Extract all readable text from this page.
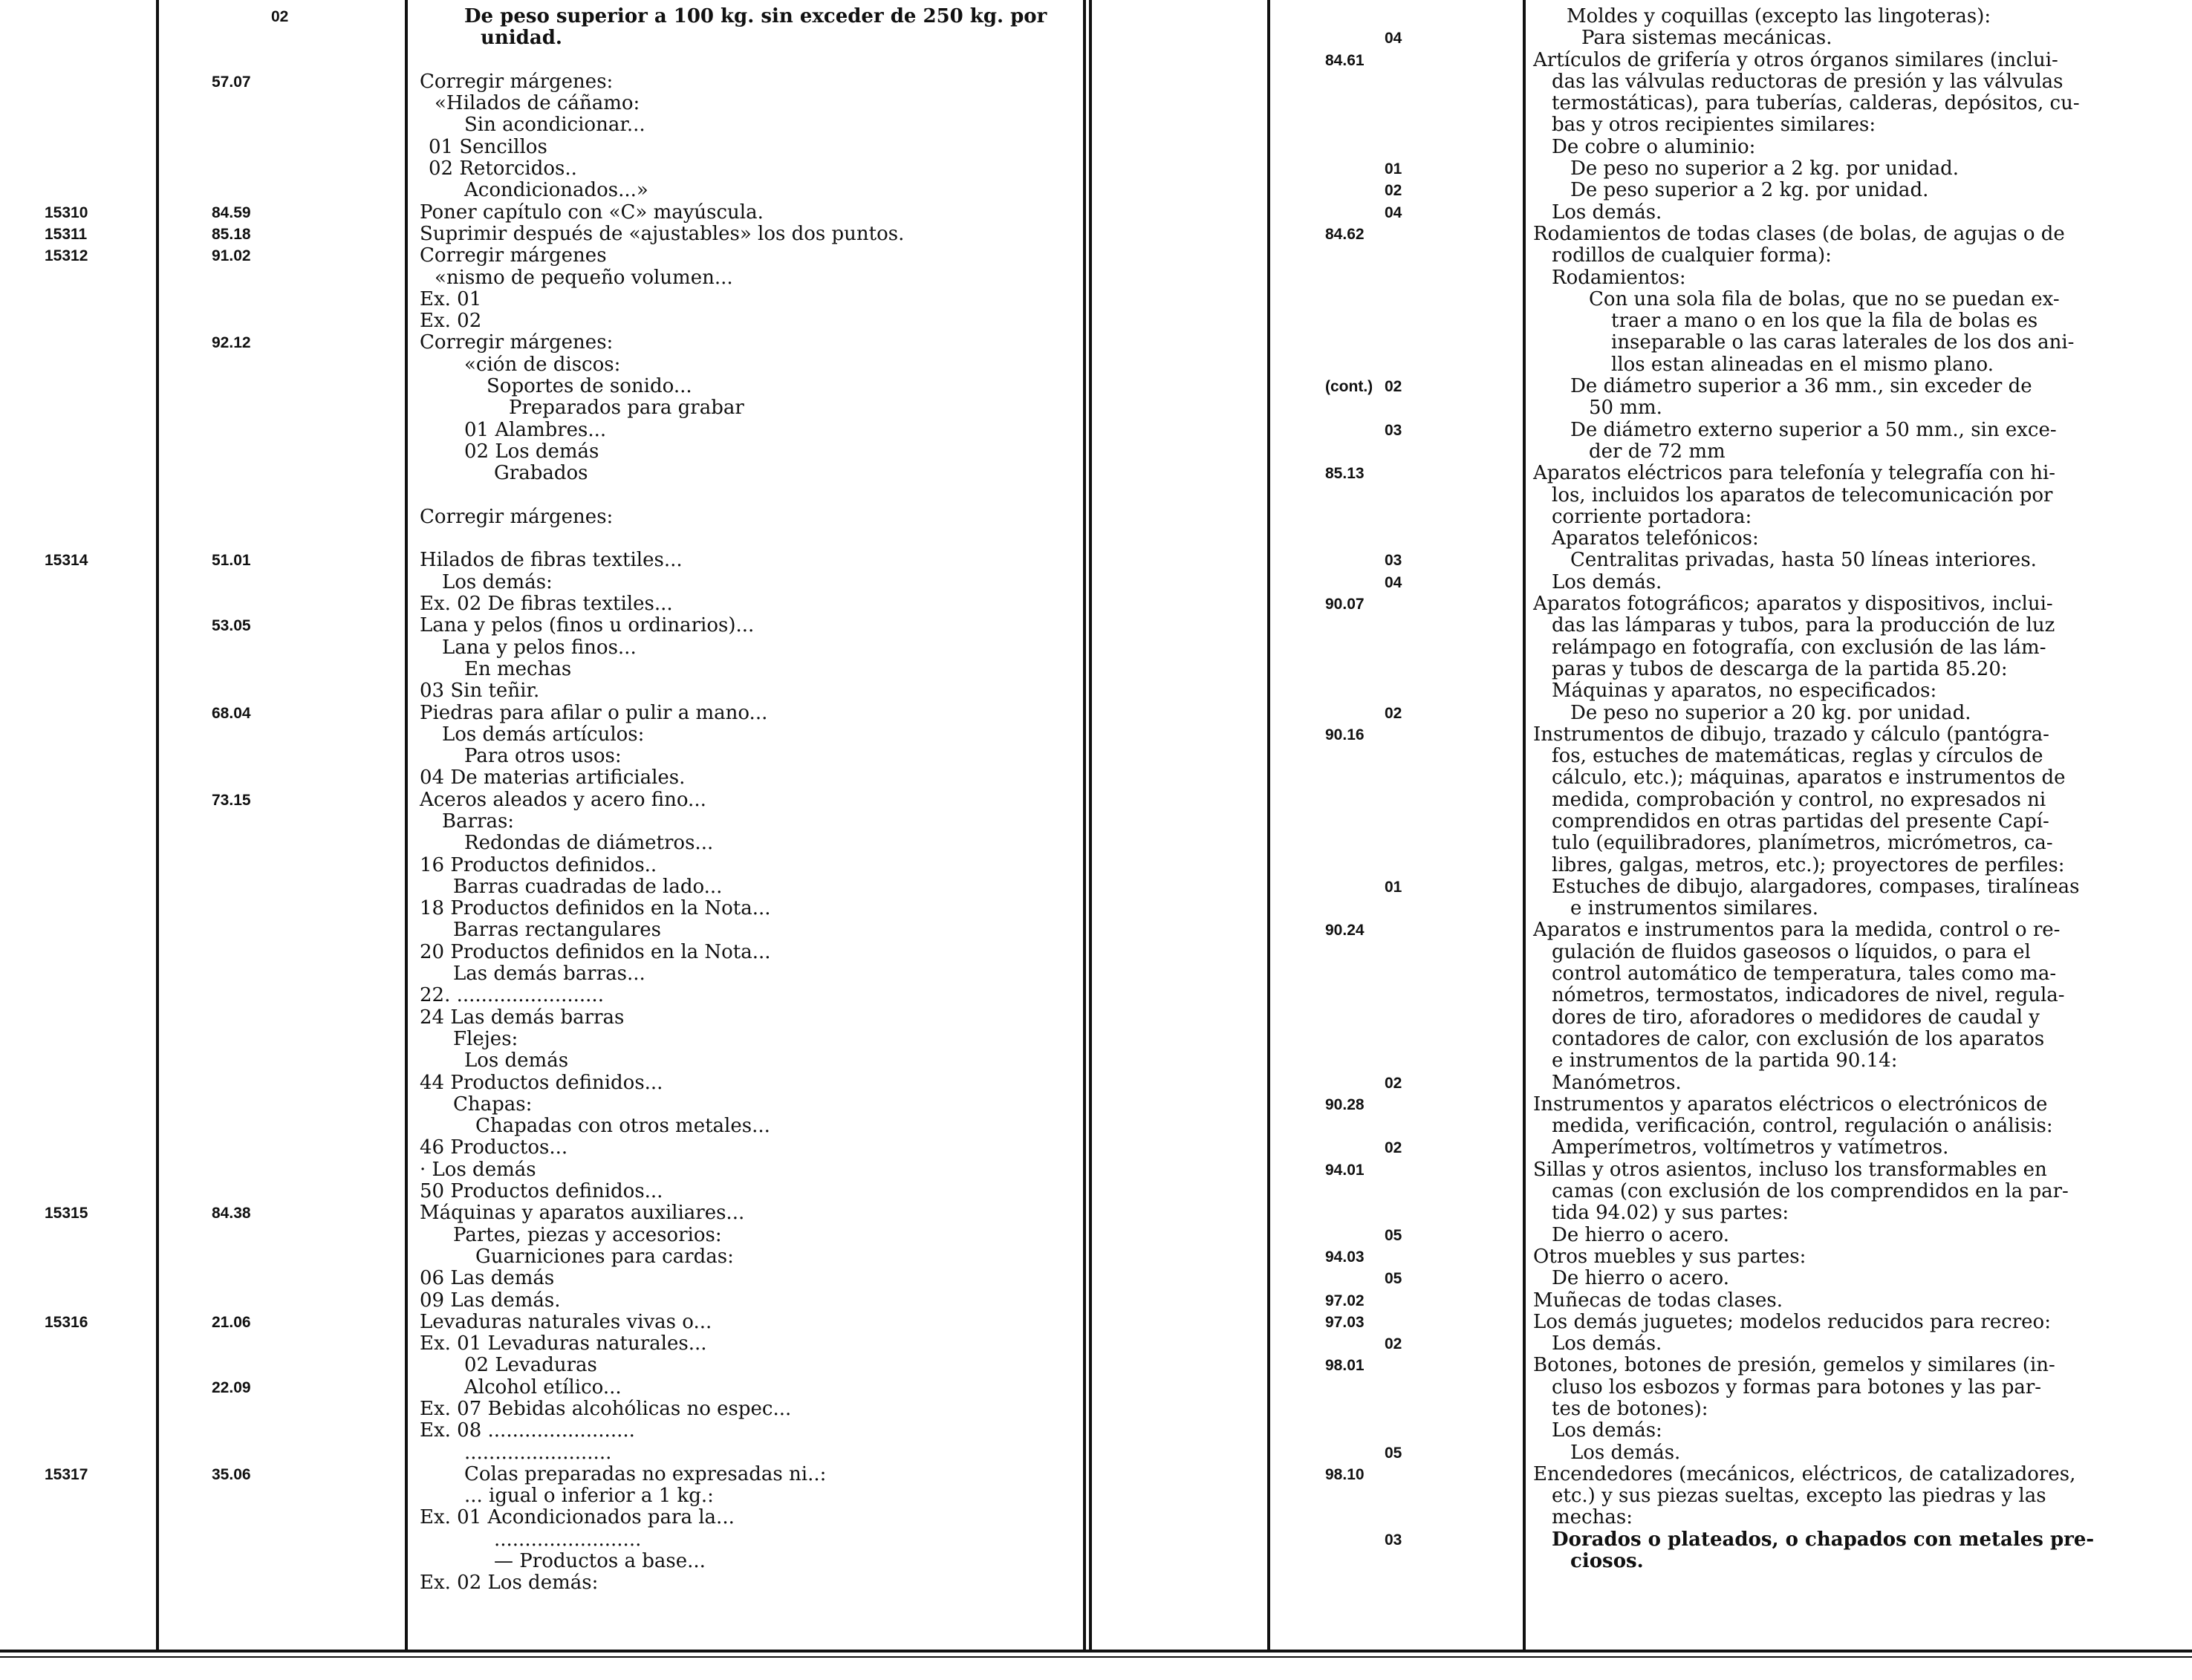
02	De peso superior a 100 kg. sin exceder de 250 kg. por
unidad.
57.07	Corregir márgenes:
«Hilados de cáñamo:
Sin acondicionar...
01 Sencillos
02 Retorcidos..
Acondicionados...»
15310	84.59	Poner capítulo con «C» mayúscula.
15311	85.18	Suprimir después de «ajustables» los dos puntos.
15312	91.02	Corregir márgenes
«nismo de pequeño volumen...
Ex. 01
Ex. 02
92.12	Corregir márgenes:
«ción de discos:
Soportes de sonido...
Preparados para grabar
01 Alambres...
02 Los demás
Grabados
Corregir márgenes:
15314	51.01	Hilados de fibras textiles...
Los demás:
Ex. 02 De fibras textiles...
53.05	Lana y pelos (finos u ordinarios)...
Lana y pelos finos...
En mechas
03 Sin teñir.
68.04	Piedras para afilar o pulir a mano...
Los demás artículos:
Para otros usos:
04 De materias artificiales.
73.15	Aceros aleados y acero fino...
Barras:
Redondas de diámetros...
16 Productos definidos..
Barras cuadradas de lado...
18 Productos definidos en la Nota...
Barras rectangulares
20 Productos definidos en la Nota...
Las demás barras...
22. ........................
24 Las demás barras
Flejes:
Los demás
44 Productos definidos...
Chapas:
Chapadas con otros metales...
46 Productos...
· Los demás
50 Productos definidos...
15315	84.38	Máquinas y aparatos auxiliares...
Partes, piezas y accesorios:
Guarniciones para cardas:
06 Las demás
09 Las demás.
15316	21.06	Levaduras naturales vivas o...
Ex. 01 Levaduras naturales...
02 Levaduras
22.09	Alcohol etílico...
Ex. 07 Bebidas alcohólicas no espec...
Ex. 08 ........................
........................
15317	35.06	Colas preparadas no expresadas ni..:
... igual o inferior a 1 kg.:
Ex. 01 Acondicionados para la...
........................
— Productos a base...
Ex. 02 Los demás:
Moldes y coquillas (excepto las lingoteras):
04	Para sistemas mecánicas.
84.61	Artículos de grifería y otros órganos similares (inclui-
das las válvulas reductoras de presión y las válvulas
termostáticas), para tuberías, calderas, depósitos, cu-
bas y otros recipientes similares:
De cobre o aluminio:
01	De peso no superior a 2 kg. por unidad.
02	De peso superior a 2 kg. por unidad.
04	Los demás.
84.62	Rodamientos de todas clases (de bolas, de agujas o de
rodillos de cualquier forma):
Rodamientos:
Con una sola fila de bolas, que no se puedan ex-
traer a mano o en los que la fila de bolas es
inseparable o las caras laterales de los dos ani-
llos estan alineadas en el mismo plano.
(cont.) 02	De diámetro superior a 36 mm., sin exceder de
50 mm.
03	De diámetro externo superior a 50 mm., sin exce-
der de 72 mm
85.13	Aparatos eléctricos para telefonía y telegrafía con hi-
los, incluidos los aparatos de telecomunicación por
corriente portadora:
Aparatos telefónicos:
03	Centralitas privadas, hasta 50 líneas interiores.
04	Los demás.
90.07	Aparatos fotográficos; aparatos y dispositivos, inclui-
das las lámparas y tubos, para la producción de luz
relámpago en fotografía, con exclusión de las lám-
paras y tubos de descarga de la partida 85.20:
Máquinas y aparatos, no especificados:
02	De peso no superior a 20 kg. por unidad.
90.16	Instrumentos de dibujo, trazado y cálculo (pantógra-
fos, estuches de matemáticas, reglas y círculos de
cálculo, etc.); máquinas, aparatos e instrumentos de
medida, comprobación y control, no expresados ni
comprendidos en otras partidas del presente Capí-
tulo (equilibradores, planímetros, micrómetros, ca-
libres, galgas, metros, etc.); proyectores de perfiles:
01	Estuches de dibujo, alargadores, compases, tiralíneas
e instrumentos similares.
90.24	Aparatos e instrumentos para la medida, control o re-
gulación de fluidos gaseosos o líquidos, o para el
control automático de temperatura, tales como ma-
nómetros, termostatos, indicadores de nivel, regula-
dores de tiro, aforadores o medidores de caudal y
contadores de calor, con exclusión de los aparatos
e instrumentos de la partida 90.14:
02	Manómetros.
90.28	Instrumentos y aparatos eléctricos o electrónicos de
medida, verificación, control, regulación o análisis:
02	Amperímetros, voltímetros y vatímetros.
94.01	Sillas y otros asientos, incluso los transformables en
camas (con exclusión de los comprendidos en la par-
tida 94.02) y sus partes:
05	De hierro o acero.
94.03	Otros muebles y sus partes:
05	De hierro o acero.
97.02	Muñecas de todas clases.
97.03	Los demás juguetes; modelos reducidos para recreo:
02	Los demás.
98.01	Botones, botones de presión, gemelos y similares (in-
cluso los esbozos y formas para botones y las par-
tes de botones):
Los demás:
05	Los demás.
98.10	Encendedores (mecánicos, eléctricos, de catalizadores,
etc.) y sus piezas sueltas, excepto las piedras y las
mechas:
03	Dorados o plateados, o chapados con metales pre-
ciosos.
